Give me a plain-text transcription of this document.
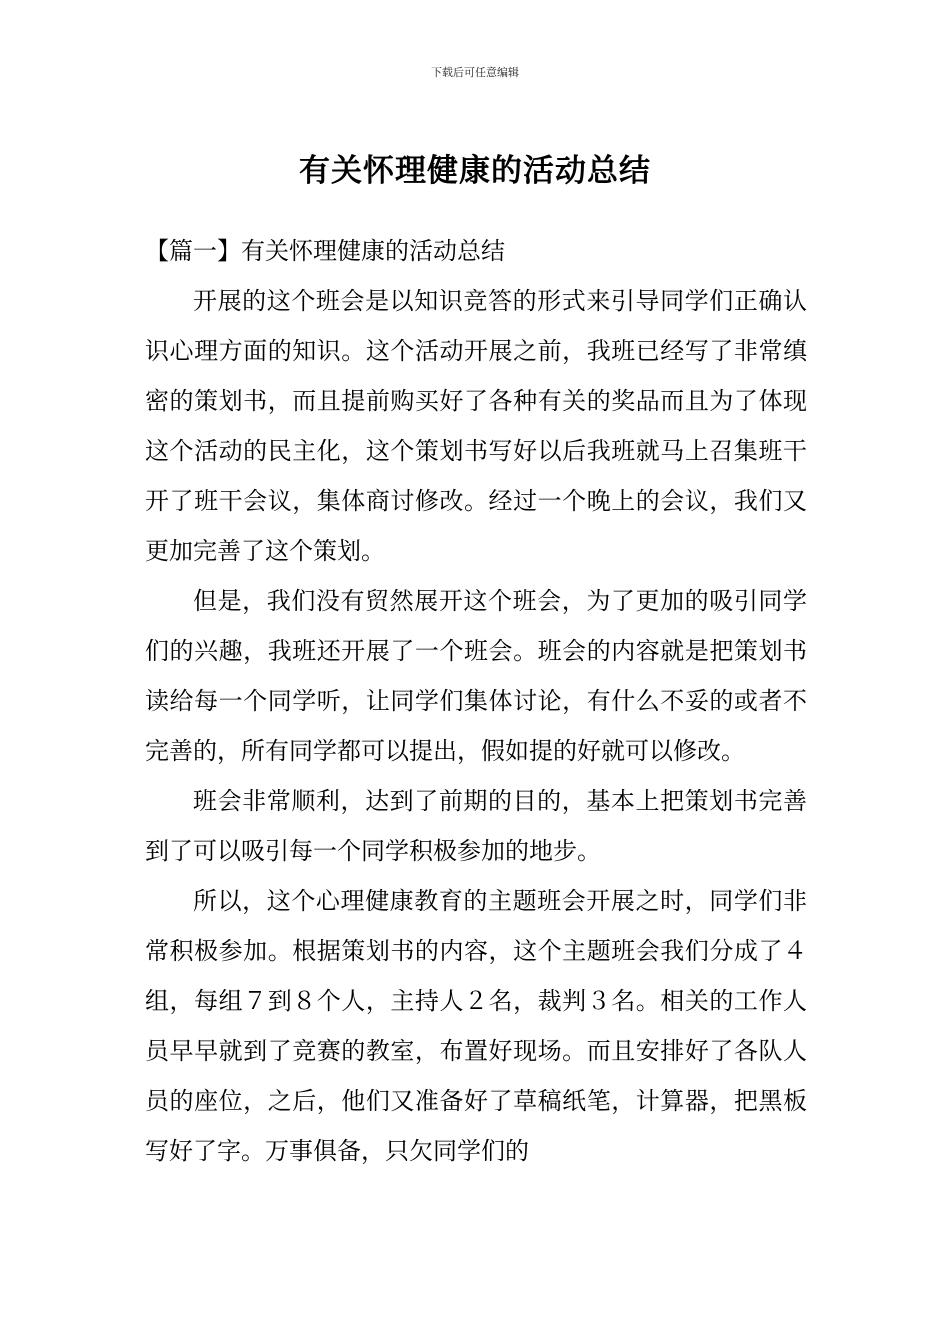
下载后可任意编辑
有关怀理健康的活动总结

【篇一】有关怀理健康的活动总结

开展的这个班会是以知识竞答的形式来引导同学们正确认识心理方面的知识。这个活动开展之前，我班已经写了非常缜密的策划书，而且提前购买好了各种有关的奖品而且为了体现这个活动的民主化，这个策划书写好以后我班就马上召集班干开了班干会议，集体商讨修改。经过一个晚上的会议，我们又更加完善了这个策划。

但是，我们没有贸然展开这个班会，为了更加的吸引同学们的兴趣，我班还开展了一个班会。班会的内容就是把策划书读给每一个同学听，让同学们集体讨论，有什么不妥的或者不完善的，所有同学都可以提出，假如提的好就可以修改。

班会非常顺利，达到了前期的目的，基本上把策划书完善到了可以吸引每一个同学积极参加的地步。

所以，这个心理健康教育的主题班会开展之时，同学们非常积极参加。根据策划书的内容，这个主题班会我们分成了４组，每组７到８个人，主持人２名，裁判３名。相关的工作人员早早就到了竞赛的教室，布置好现场。而且安排好了各队人员的座位，之后，他们又准备好了草稿纸笔，计算器，把黑板写好了字。万事俱备，只欠同学们的
